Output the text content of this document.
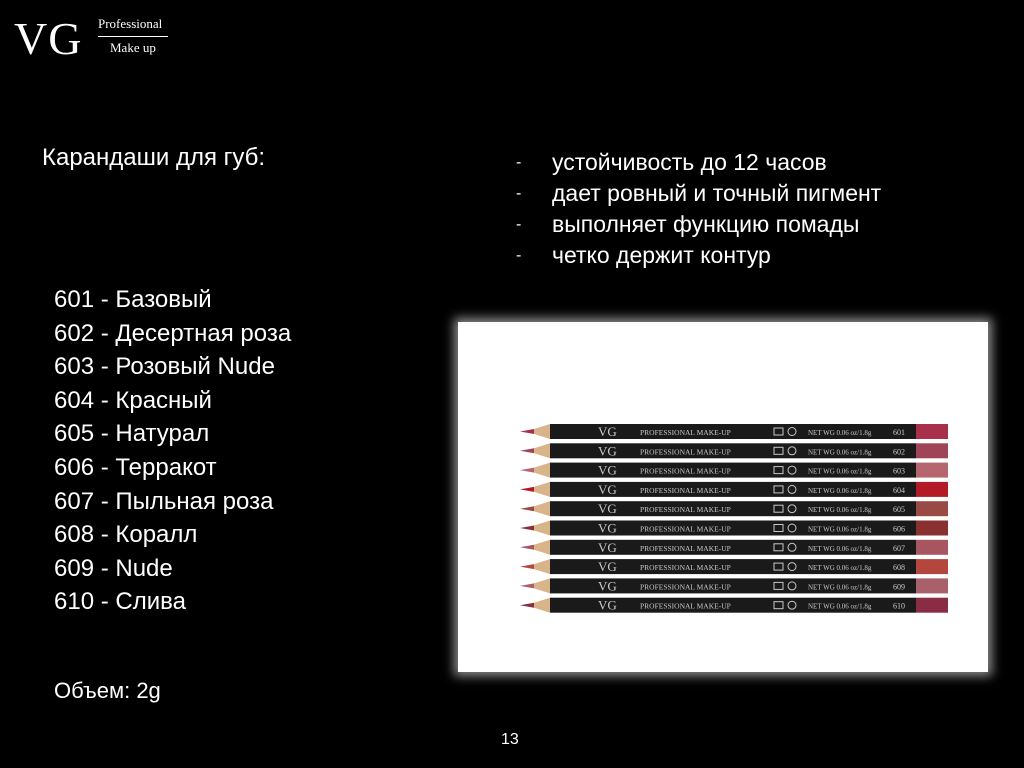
VG Professional
Make up
Карандаши для губ:	- устойчивость до 12 часов
- дает ровный и точный пигмент
- выполняет функцию помады
- четко держит контур
601 - Базовый
602 - Десертная роза
603 - Розовый Nude
604 - Красный
605 - Натурал
606 - Терракот
607 - Пыльная роза
608 - Коралл
609 - Nude
610 - Слива
Объем: 2g
VG	PROFESSIONAL MAKE-UP	NET WG 0.06 oz/1.8g	601
VG	PROFESSIONAL MAKE-UP	NET WG 0.06 oz/1.8g	602
VG	PROFESSIONAL MAKE-UP	NET WG 0.06 oz/1.8g	603
VG	PROFESSIONAL MAKE-UP	NET WG 0.06 oz/1.8g	604
VG	PROFESSIONAL MAKE-UP	NET WG 0.06 oz/1.8g	605
VG	PROFESSIONAL MAKE-UP	NET WG 0.06 oz/1.8g	606
VG	PROFESSIONAL MAKE-UP	NET WG 0.06 oz/1.8g	607
VG	PROFESSIONAL MAKE-UP	NET WG 0.06 oz/1.8g	608
VG	PROFESSIONAL MAKE-UP	NET WG 0.06 oz/1.8g	609
VG	PROFESSIONAL MAKE-UP	NET WG 0.06 oz/1.8g	610
13
